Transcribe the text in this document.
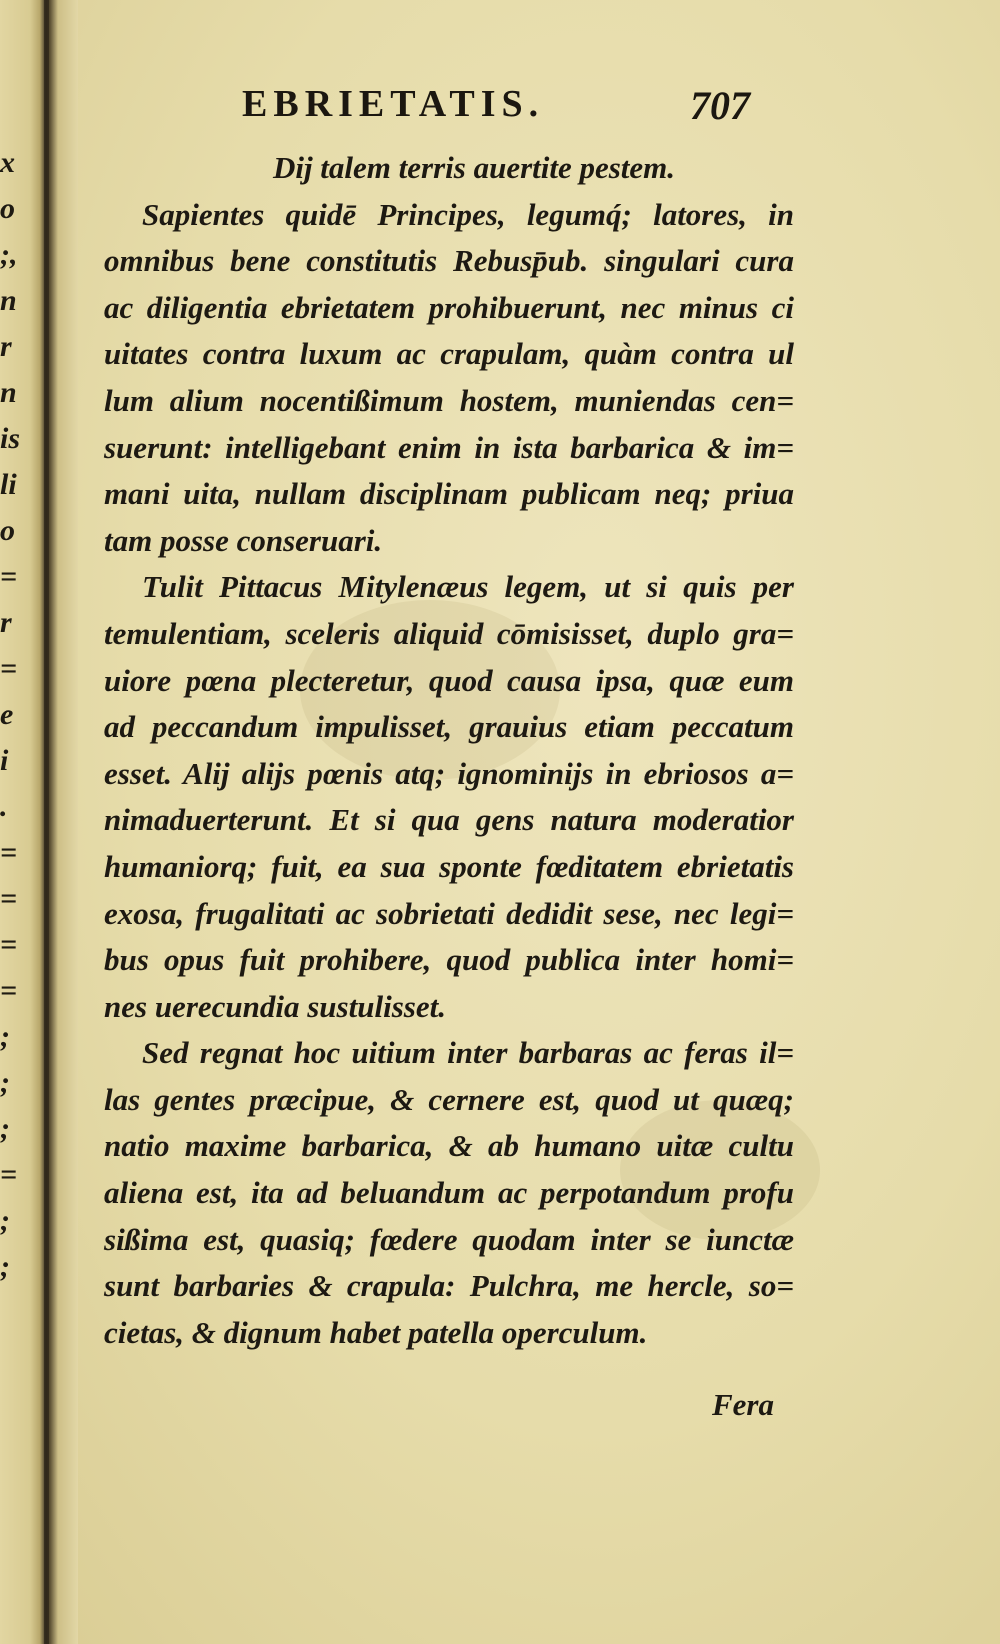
x
o
;,
n
r
n
is
li
o
=
r
=
e
i
.
=
=
=
=
;
;
;
=
;
;
EBRIETATIS.	707
Dij talem terris auertite pestem.
Sapientes quidē Principes, legumq́; latores, in
omnibus bene constitutis Rebusp̄ub. singulari cura
ac diligentia ebrietatem prohibuerunt, nec minus ci
uitates contra luxum ac crapulam, quàm contra ul
lum alium nocentißimum hostem, muniendas cen=
suerunt: intelligebant enim in ista barbarica & im=
mani uita, nullam disciplinam publicam neq; priua
tam posse conseruari.
Tulit Pittacus Mitylenæus legem, ut si quis per
temulentiam, sceleris aliquid cōmisisset, duplo gra=
uiore pœna plecteretur, quod causa ipsa, quæ eum
ad peccandum impulisset, grauius etiam peccatum
esset. Alij alijs pœnis atq; ignominijs in ebriosos a=
nimaduerterunt. Et si qua gens natura moderatior
humaniorq; fuit, ea sua sponte fœditatem ebrietatis
exosa, frugalitati ac sobrietati dedidit sese, nec legi=
bus opus fuit prohibere, quod publica inter homi=
nes uerecundia sustulisset.
Sed regnat hoc uitium inter barbaras ac feras il=
las gentes præcipue, & cernere est, quod ut quæq;
natio maxime barbarica, & ab humano uitæ cultu
aliena est, ita ad beluandum ac perpotandum profu
sißima est, quasiq; fœdere quodam inter se iunctæ
sunt barbaries & crapula: Pulchra, me hercle, so=
cietas, & dignum habet patella operculum.
Fera
